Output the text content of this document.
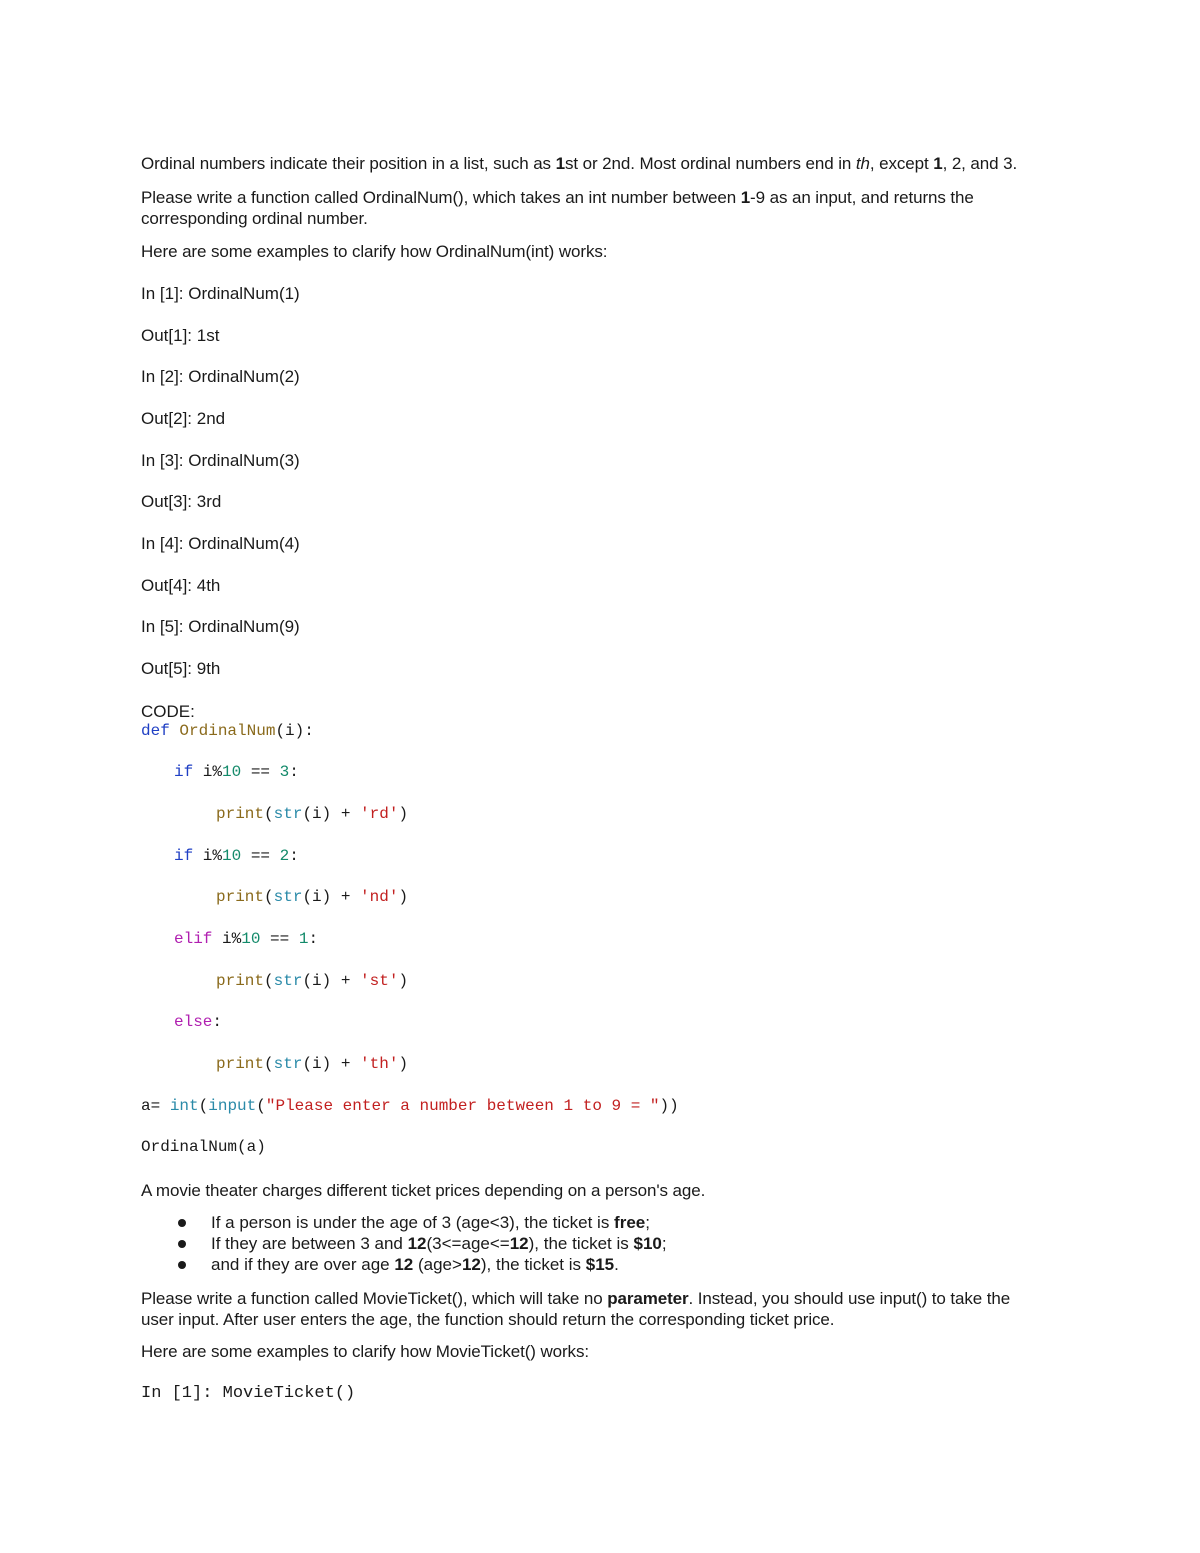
Ordinal numbers indicate their position in a list, such as 1st or 2nd. Most ordinal numbers end in th, except 1, 2, and 3.

Please write a function called OrdinalNum(), which takes an int number between 1-9 as an input, and returns the
corresponding ordinal number.

Here are some examples to clarify how OrdinalNum(int) works:

In [1]: OrdinalNum(1)

Out[1]: 1st

In [2]: OrdinalNum(2)

Out[2]: 2nd

In [3]: OrdinalNum(3)

Out[3]: 3rd

In [4]: OrdinalNum(4)

Out[4]: 4th

In [5]: OrdinalNum(9)

Out[5]: 9th

CODE:

def OrdinalNum(i):
if i%10 == 3:
print(str(i) + 'rd')
if i%10 == 2:
print(str(i) + 'nd')
elif i%10 == 1:
print(str(i) + 'st')
else:
print(str(i) + 'th')
a= int(input("Please enter a number between 1 to 9 = "))
OrdinalNum(a)

A movie theater charges different ticket prices depending on a person's age.

If a person is under the age of 3 (age<3), the ticket is free;
If they are between 3 and 12(3<=age<=12), the ticket is $10;
and if they are over age 12 (age>12), the ticket is $15.

Please write a function called MovieTicket(), which will take no parameter. Instead, you should use input() to take the
user input. After user enters the age, the function should return the corresponding ticket price.

Here are some examples to clarify how MovieTicket() works:

In [1]: MovieTicket()
